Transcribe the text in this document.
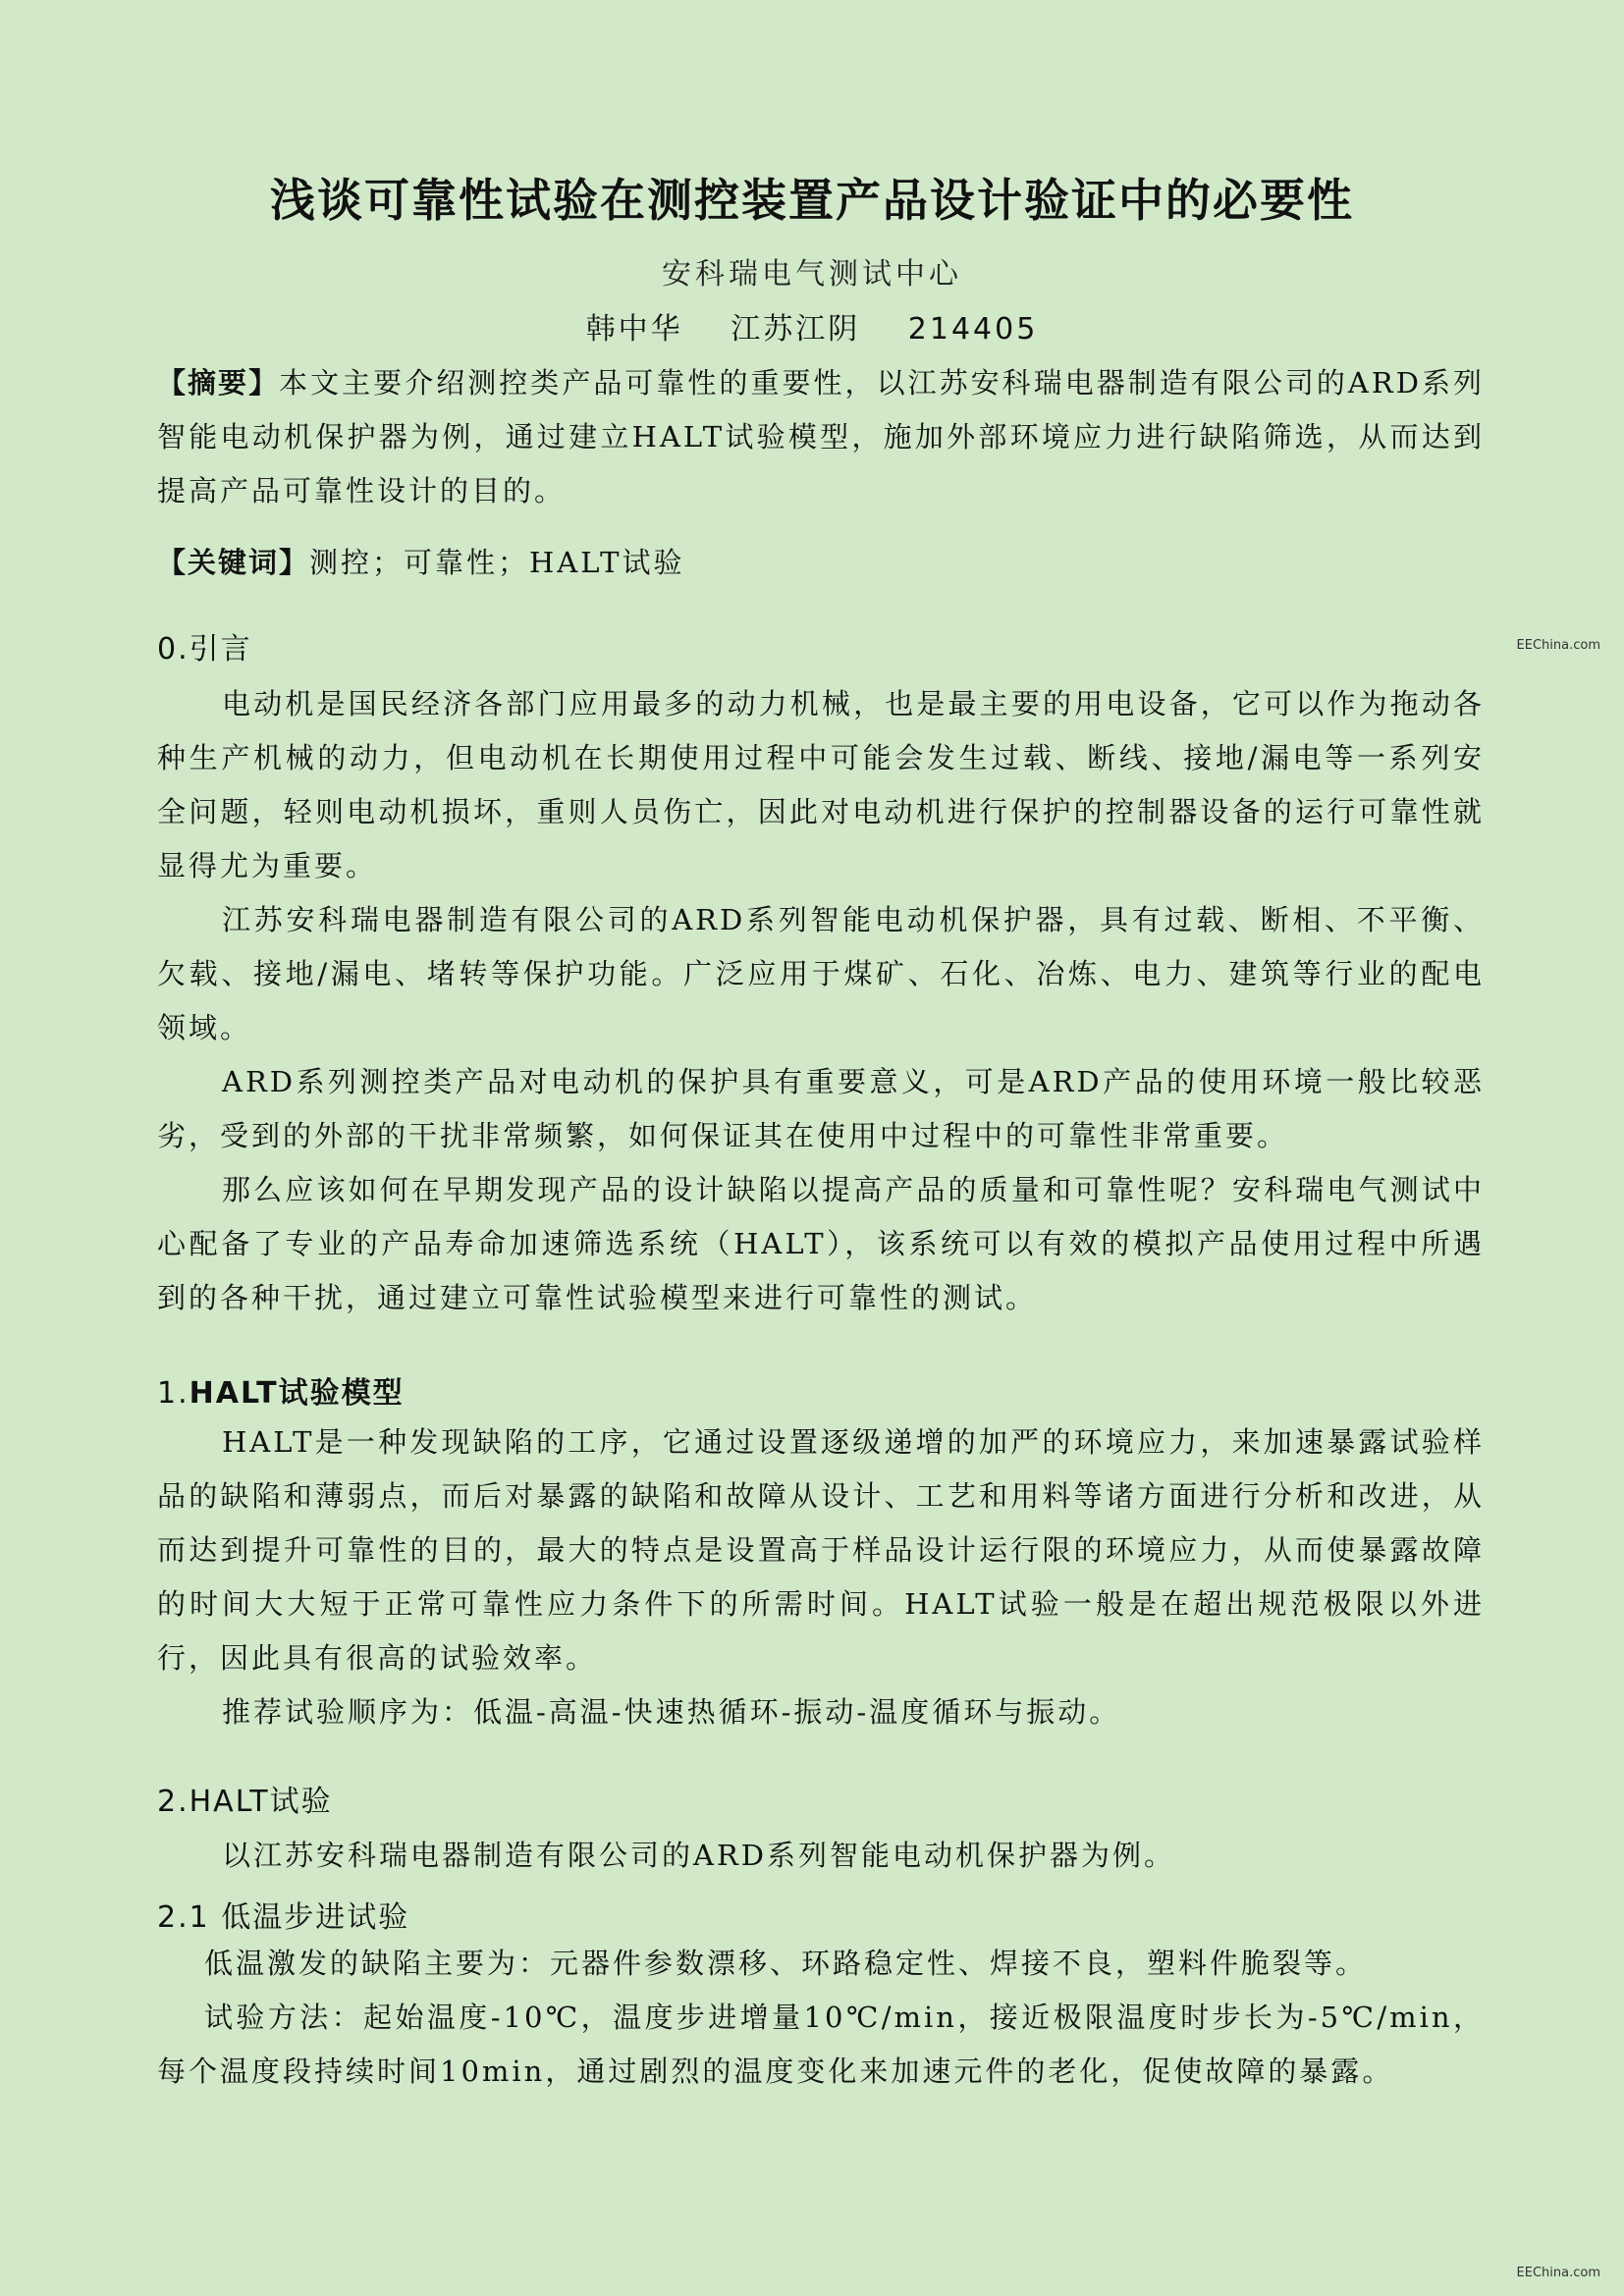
浅谈可靠性试验在测控装置产品设计验证中的必要性
安科瑞电气测试中心
韩中华 江苏江阴 214405
【摘要】本文主要介绍测控类产品可靠性的重要性，以江苏安科瑞电器制造有限公司的ARD系列智能电动机保护器为例，通过建立HALT试验模型，施加外部环境应力进行缺陷筛选，从而达到提高产品可靠性设计的目的。
【关键词】测控；可靠性；HALT试验
0.引言
电动机是国民经济各部门应用最多的动力机械，也是最主要的用电设备，它可以作为拖动各种生产机械的动力，但电动机在长期使用过程中可能会发生过载、断线、接地/漏电等一系列安全问题，轻则电动机损坏，重则人员伤亡，因此对电动机进行保护的控制器设备的运行可靠性就显得尤为重要。
江苏安科瑞电器制造有限公司的ARD系列智能电动机保护器，具有过载、断相、不平衡、欠载、接地/漏电、堵转等保护功能。广泛应用于煤矿、石化、冶炼、电力、建筑等行业的配电领域。
ARD系列测控类产品对电动机的保护具有重要意义，可是ARD产品的使用环境一般比较恶劣，受到的外部的干扰非常频繁，如何保证其在使用中过程中的可靠性非常重要。
那么应该如何在早期发现产品的设计缺陷以提高产品的质量和可靠性呢？安科瑞电气测试中心配备了专业的产品寿命加速筛选系统（HALT），该系统可以有效的模拟产品使用过程中所遇到的各种干扰，通过建立可靠性试验模型来进行可靠性的测试。
1.HALT试验模型
HALT是一种发现缺陷的工序，它通过设置逐级递增的加严的环境应力，来加速暴露试验样品的缺陷和薄弱点，而后对暴露的缺陷和故障从设计、工艺和用料等诸方面进行分析和改进，从而达到提升可靠性的目的，最大的特点是设置高于样品设计运行限的环境应力，从而使暴露故障的时间大大短于正常可靠性应力条件下的所需时间。HALT试验一般是在超出规范极限以外进行，因此具有很高的试验效率。
推荐试验顺序为：低温-高温-快速热循环-振动-温度循环与振动。
2.HALT试验
以江苏安科瑞电器制造有限公司的ARD系列智能电动机保护器为例。
2.1 低温步进试验
低温激发的缺陷主要为：元器件参数漂移、环路稳定性、焊接不良，塑料件脆裂等。
试验方法：起始温度-10℃，温度步进增量10℃/min，接近极限温度时步长为-5℃/min，每个温度段持续时间10min，通过剧烈的温度变化来加速元件的老化，促使故障的暴露。
EEChina.com
EEChina.com
